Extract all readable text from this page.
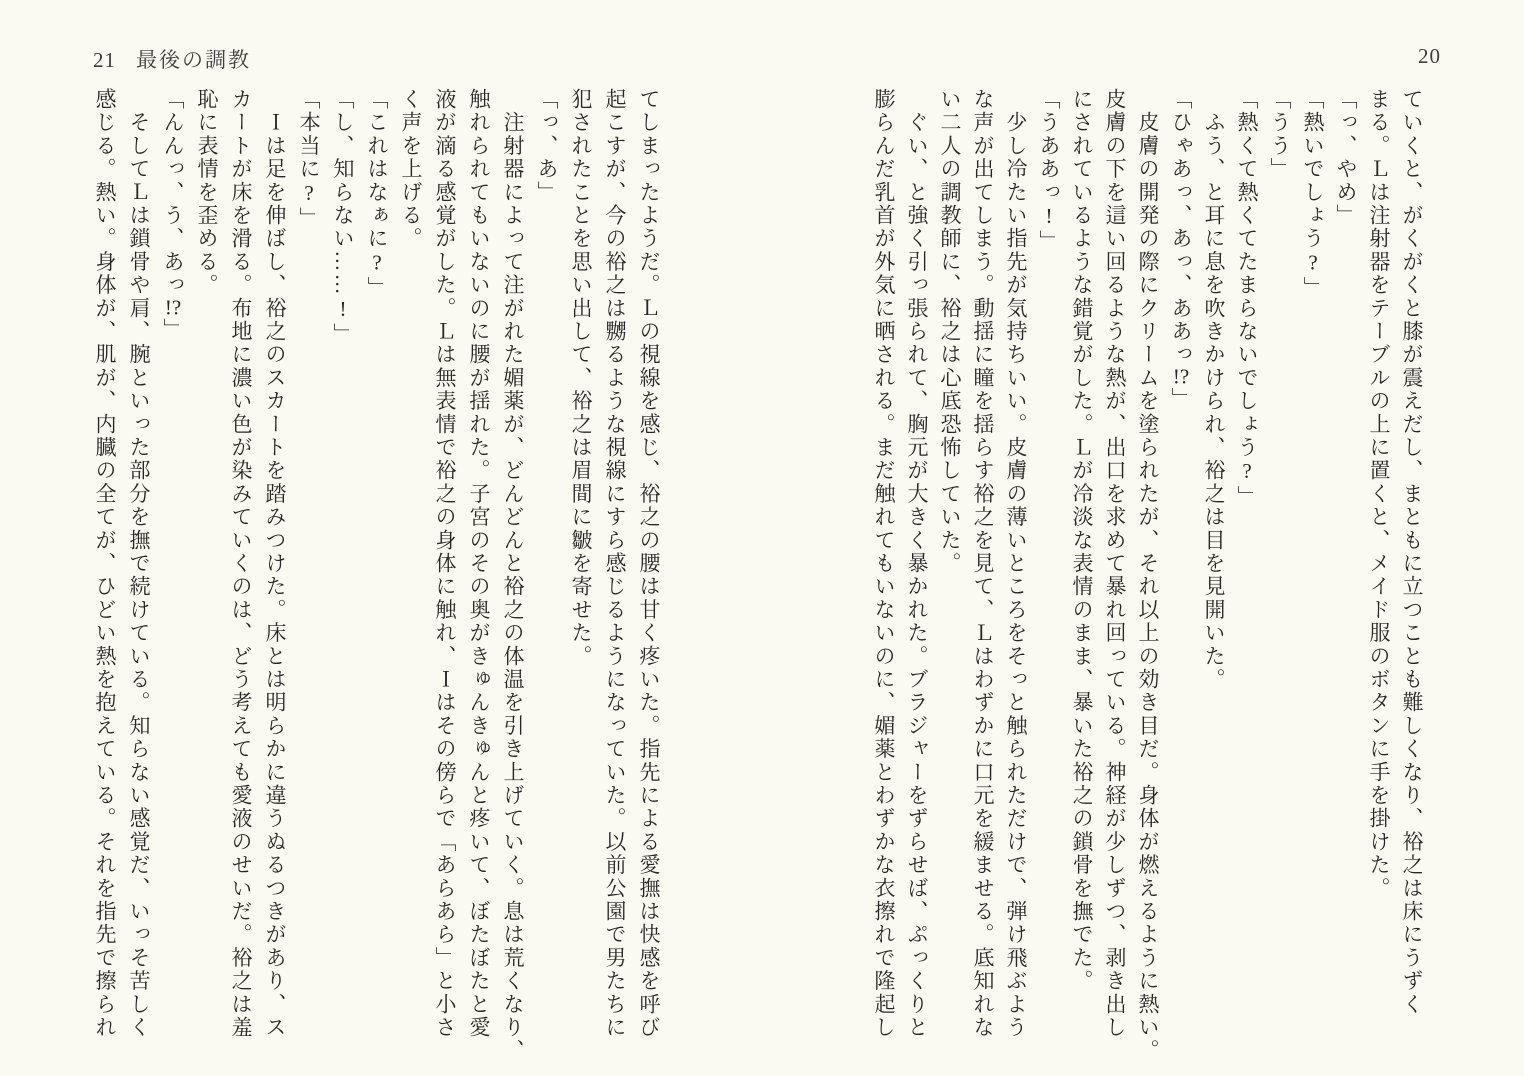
21 最後の調教
てしまったようだ。Ｌの視線を感じ、裕之の腰は甘く疼いた。指先による愛撫は快感を呼び
起こすが、今の裕之は嬲るような視線にすら感じるようになっていた。以前公園で男たちに
犯されたことを思い出して、裕之は眉間に皺を寄せた。
「っ、あ」
　注射器によって注がれた媚薬が、どんどんと裕之の体温を引き上げていく。息は荒くなり、
触れられてもいないのに腰が揺れた。子宮のその奥がきゅんきゅんと疼いて、ぼたぼたと愛
液が滴る感覚がした。Ｌは無表情で裕之の身体に触れ、Ｉはその傍らで「あらあら」と小さ
く声を上げる。
「これはなぁに?」
「し、知らない……!」
「本当に?」
　Ｉは足を伸ばし、裕之のスカートを踏みつけた。床とは明らかに違うぬるつきがあり、ス
カートが床を滑る。布地に濃い色が染みていくのは、どう考えても愛液のせいだ。裕之は羞
恥に表情を歪める。
「んんっ、う、あっ!?」
　そしてＬは鎖骨や肩、腕といった部分を撫で続けている。知らない感覚だ、いっそ苦しく
感じる。熱い。身体が、肌が、内臓の全てが、ひどい熱を抱えている。それを指先で擦られ
20
ていくと、がくがくと膝が震えだし、まともに立つことも難しくなり、裕之は床にうずく
まる。Ｌは注射器をテーブルの上に置くと、メイド服のボタンに手を掛けた。
「っ、やめ」
「熱いでしょう?」
「うう」
「熱くて熱くてたまらないでしょう?」
　ふう、と耳に息を吹きかけられ、裕之は目を見開いた。
「ひゃあっ、あっ、ああっ!?」
　皮膚の開発の際にクリームを塗られたが、それ以上の効き目だ。身体が燃えるように熱い。
皮膚の下を這い回るような熱が、出口を求めて暴れ回っている。神経が少しずつ、剥き出し
にされているような錯覚がした。Ｌが冷淡な表情のまま、暴いた裕之の鎖骨を撫でた。
「うああっ!」
　少し冷たい指先が気持ちいい。皮膚の薄いところをそっと触られただけで、弾け飛ぶよう
な声が出てしまう。動揺に瞳を揺らす裕之を見て、Ｌはわずかに口元を緩ませる。底知れな
い二人の調教師に、裕之は心底恐怖していた。
　ぐい、と強く引っ張られて、胸元が大きく暴かれた。ブラジャーをずらせば、ぷっくりと
膨らんだ乳首が外気に晒される。まだ触れてもいないのに、媚薬とわずかな衣擦れで隆起し
